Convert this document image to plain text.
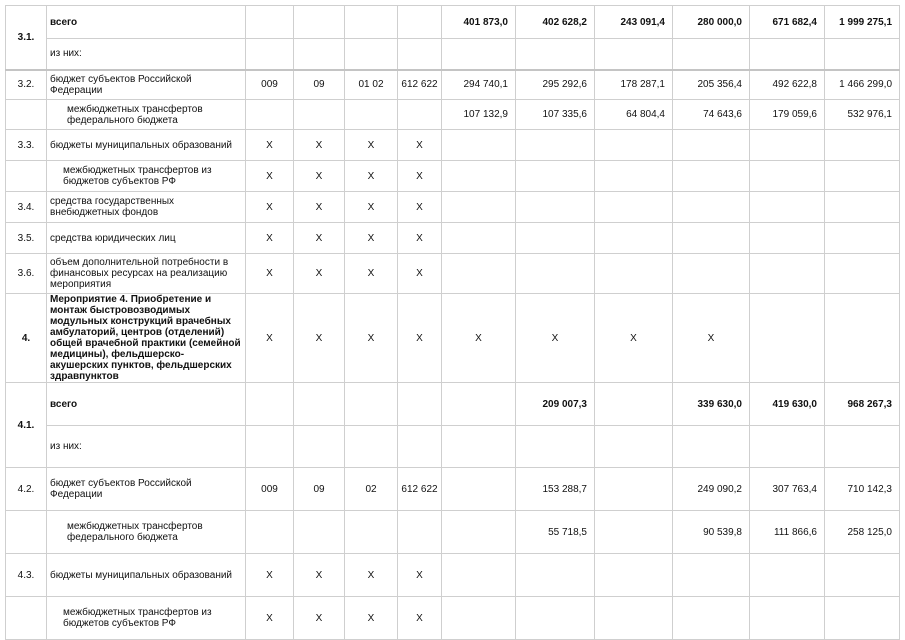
3.1.	всего					401 873,0	402 628,2	243 091,4	280 000,0	671 682,4	1 999 275,1
	из них:										
3.2.	бюджет субъектов Российской Федерации	009	09	01 02	612 622	294 740,1	295 292,6	178 287,1	205 356,4	492 622,8	1 466 299,0
	межбюджетных трансфертов федерального бюджета					107 132,9	107 335,6	64 804,4	74 643,6	179 059,6	532 976,1
3.3.	бюджеты муниципальных образований	X	X	X	X						
	межбюджетных трансфертов из бюджетов субъектов РФ	X	X	X	X						
3.4.	средства государственных внебюджетных фондов	X	X	X	X						
3.5.	средства юридических лиц	X	X	X	X						
3.6.	объем дополнительной потребности в финансовых ресурсах на реализацию мероприятия	X	X	X	X						
4.	Мероприятие 4. Приобретение и монтаж быстровозводимых модульных конструкций врачебных амбулаторий, центров (отделений) общей врачебной практики (семейной медицины), фельдшерско-акушерских пунктов, фельдшерских здравпунктов	X	X	X	X	X	X	X	X		
4.1.	всего						209 007,3		339 630,0	419 630,0	968 267,3
	из них:										
4.2.	бюджет субъектов Российской Федерации	009	09	02	612 622		153 288,7		249 090,2	307 763,4	710 142,3
	межбюджетных трансфертов федерального бюджета						55 718,5		90 539,8	111 866,6	258 125,0
4.3.	бюджеты муниципальных образований	X	X	X	X						
	межбюджетных трансфертов из бюджетов субъектов РФ	X	X	X	X						
